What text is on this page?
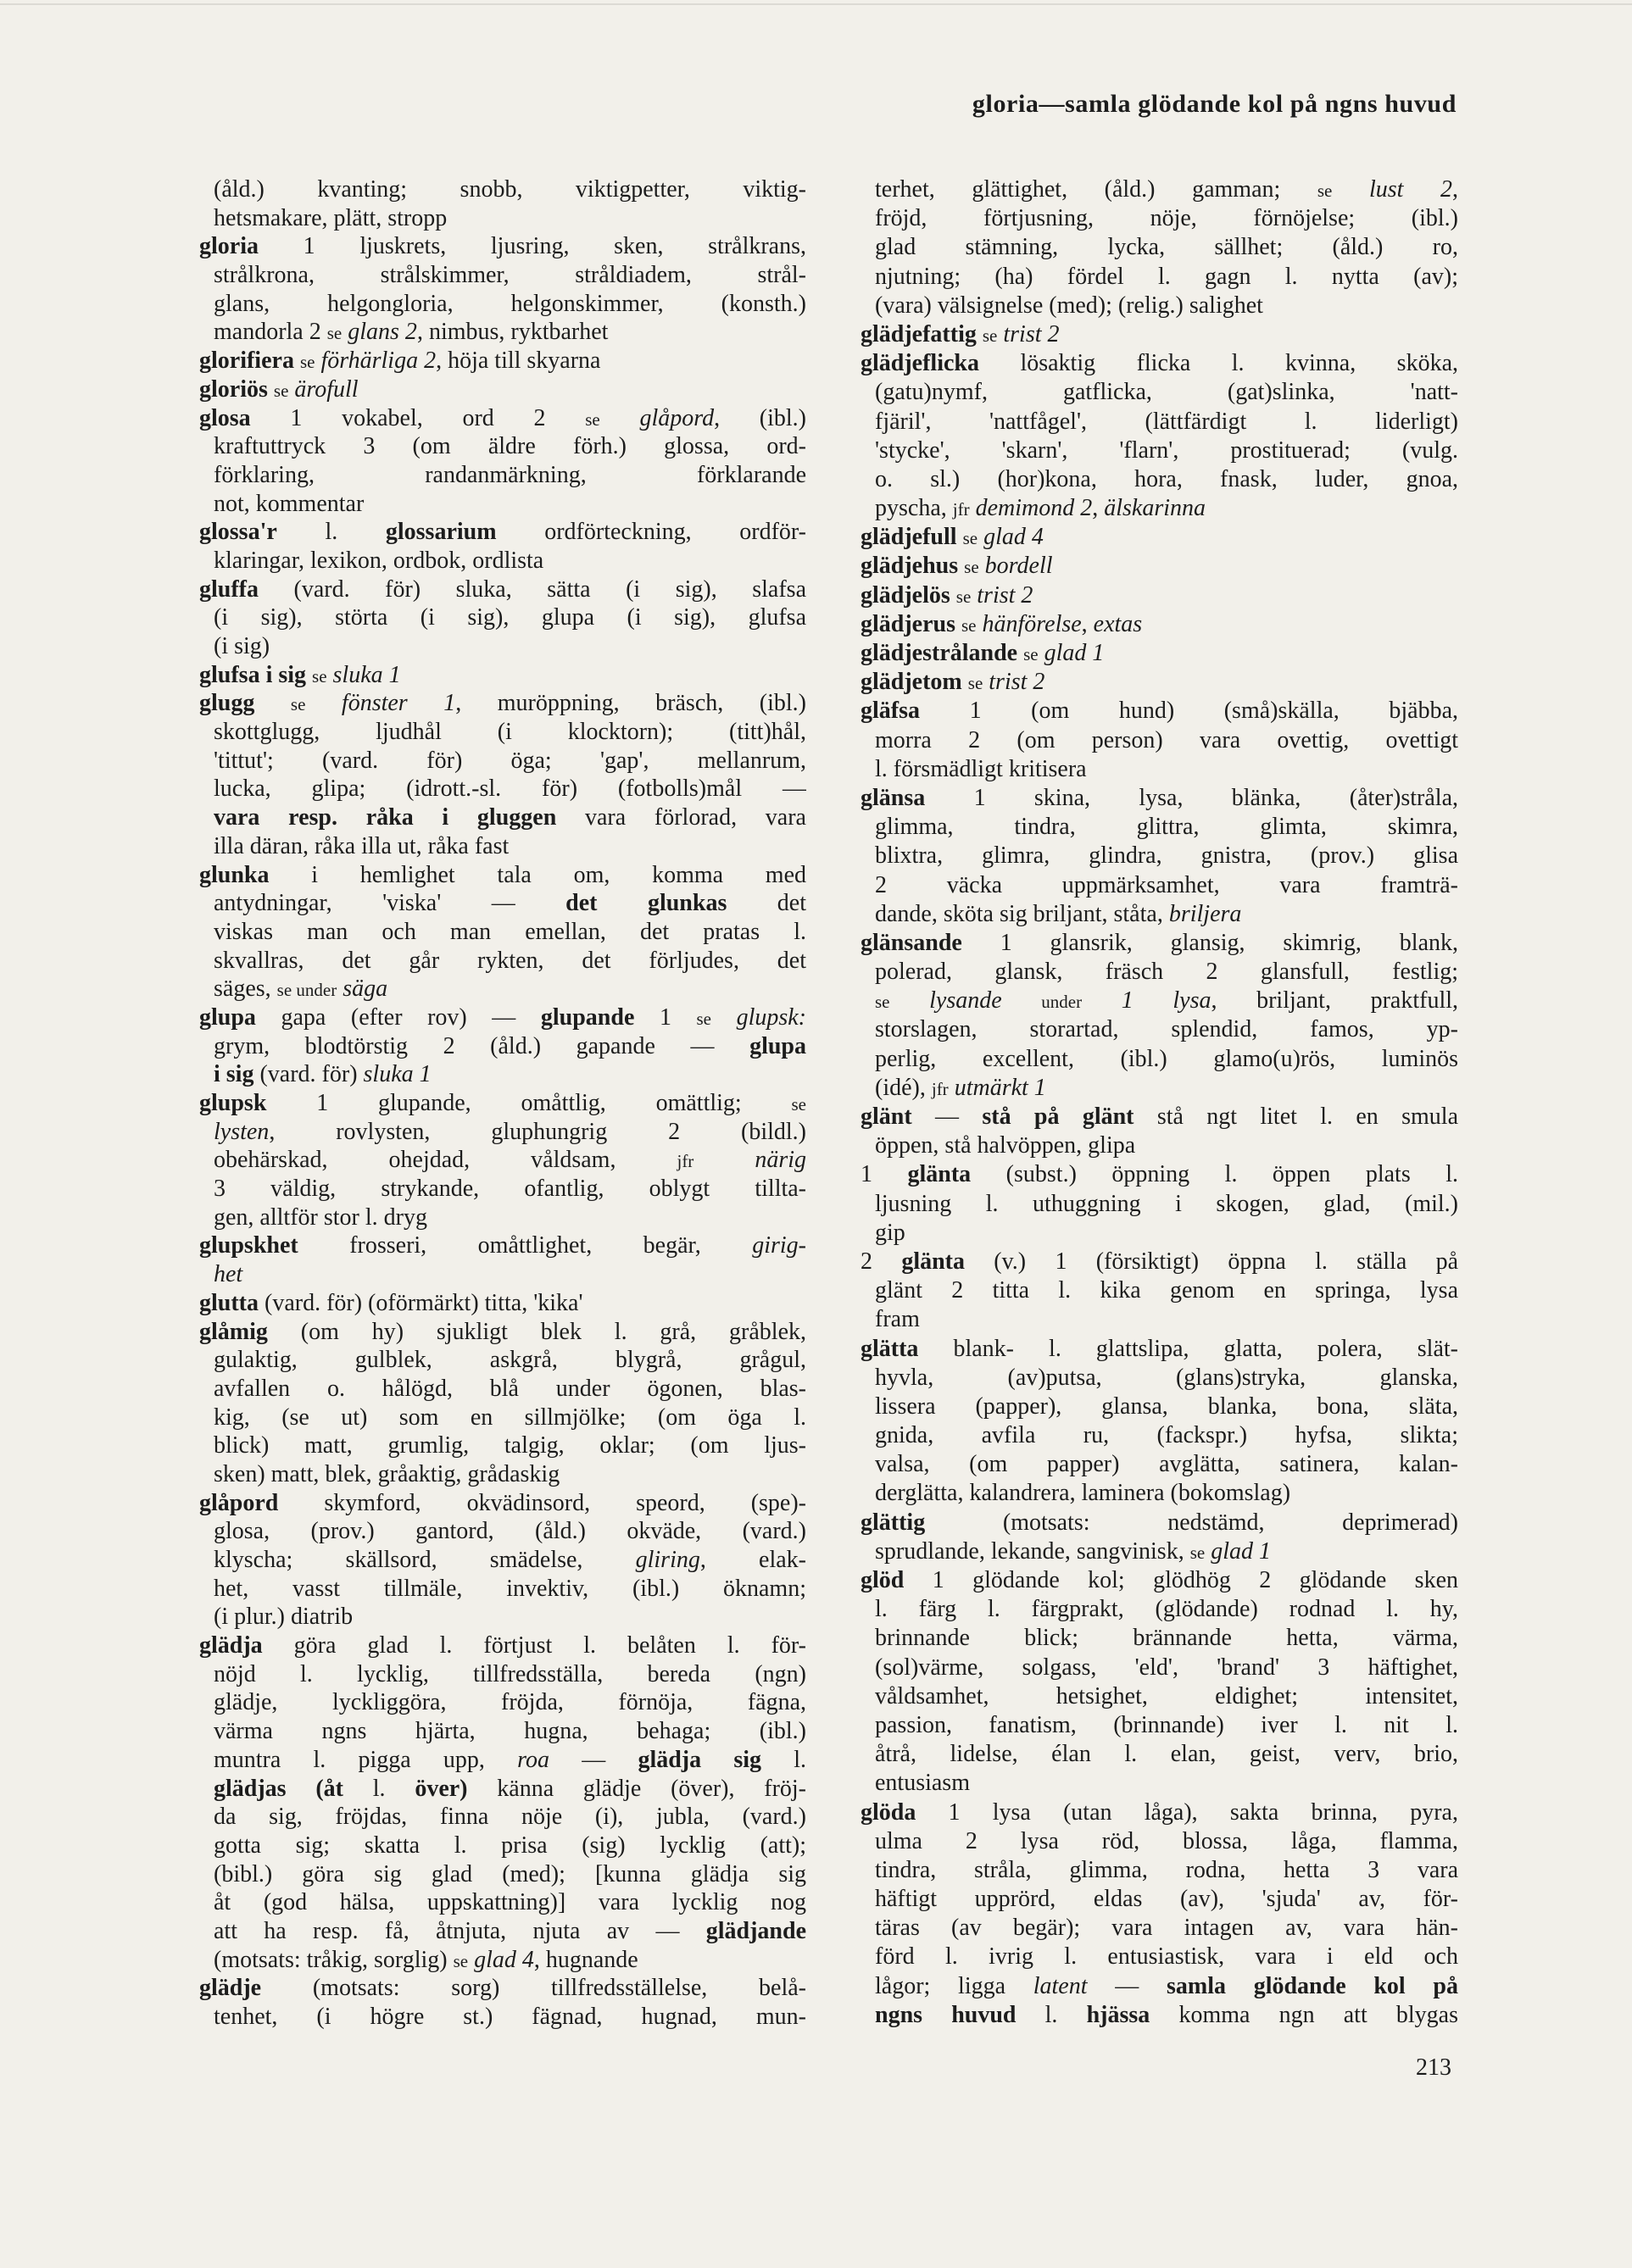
gloria—samla glödande kol på ngns huvud
(åld.) kvanting; snobb, viktigpetter, viktig-
hetsmakare, plätt, stropp
gloria 1 ljuskrets, ljusring, sken, strålkrans,
strålkrona, strålskimmer, stråldiadem, strål-
glans, helgongloria, helgonskimmer, (konsth.)
mandorla 2 se glans 2, nimbus, ryktbarhet
glorifiera se förhärliga 2, höja till skyarna
gloriös se ärofull
glosa 1 vokabel, ord 2 se glåpord, (ibl.)
kraftuttryck 3 (om äldre förh.) glossa, ord-
förklaring, randanmärkning, förklarande
not, kommentar
glossa'r l. glossarium ordförteckning, ordför-
klaringar, lexikon, ordbok, ordlista
gluffa (vard. för) sluka, sätta (i sig), slafsa
(i sig), störta (i sig), glupa (i sig), glufsa
(i sig)
glufsa i sig se sluka 1
glugg se fönster 1, muröppning, bräsch, (ibl.)
skottglugg, ljudhål (i klocktorn); (titt)hål,
'tittut'; (vard. för) öga; 'gap', mellanrum,
lucka, glipa; (idrott.-sl. för) (fotbolls)mål —
vara resp. råka i gluggen vara förlorad, vara
illa däran, råka illa ut, råka fast
glunka i hemlighet tala om, komma med
antydningar, 'viska' — det glunkas det
viskas man och man emellan, det pratas l.
skvallras, det går rykten, det förljudes, det
säges, se under säga
glupa gapa (efter rov) — glupande 1 se glupsk:
grym, blodtörstig 2 (åld.) gapande — glupa
i sig (vard. för) sluka 1
glupsk 1 glupande, omåttlig, omättlig; se
lysten, rovlysten, gluphungrig 2 (bildl.)
obehärskad, ohejdad, våldsam, jfr	närig
3 väldig, strykande, ofantlig, oblygt tillta-
gen, alltför stor l. dryg
glupskhet frosseri, omåttlighet, begär, girig-
het
glutta (vard. för) (oförmärkt) titta, 'kika'
glåmig (om hy) sjukligt blek l. grå, gråblek,
gulaktig, gulblek, askgrå, blygrå, grågul,
avfallen o. hålögd, blå under ögonen, blas-
kig, (se ut) som en sillmjölke; (om öga l.
blick) matt, grumlig, talgig, oklar; (om ljus-
sken) matt, blek, gråaktig, grådaskig
glåpord skymford, okvädinsord, speord, (spe)-
glosa, (prov.) gantord, (åld.) okväde, (vard.)
klyscha; skällsord, smädelse, gliring, elak-
het, vasst tillmäle, invektiv, (ibl.) öknamn;
(i plur.) diatrib
glädja göra glad l. förtjust l. belåten l. för-
nöjd l. lycklig, tillfredsställa, bereda (ngn)
glädje, lyckliggöra, fröjda, förnöja, fägna,
värma ngns hjärta, hugna, behaga; (ibl.)
muntra l. pigga upp, roa — glädja sig l.
glädjas (åt l. över) känna glädje (över), fröj-
da sig, fröjdas, finna nöje (i), jubla, (vard.)
gotta sig; skatta l. prisa (sig) lycklig (att);
(bibl.) göra sig glad (med); [kunna glädja sig
åt (god hälsa, uppskattning)] vara lycklig nog
att ha resp. få, åtnjuta, njuta av — glädjande
(motsats: tråkig, sorglig) se glad 4, hugnande
glädje (motsats: sorg) tillfredsställelse, belå-
tenhet, (i högre st.) fägnad, hugnad, mun-
terhet, glättighet, (åld.) gamman; se lust 2,
fröjd, förtjusning, nöje, förnöjelse; (ibl.)
glad stämning, lycka, sällhet; (åld.) ro,
njutning; (ha) fördel l. gagn l. nytta (av);
(vara) välsignelse (med); (relig.) salighet
glädjefattig se trist 2
glädjeflicka lösaktig flicka l. kvinna, sköka,
(gatu)nymf, gatflicka, (gat)slinka, 'natt-
fjäril', 'nattfågel', (lättfärdigt l. liderligt)
'stycke', 'skarn', 'flarn', prostituerad; (vulg.
o. sl.) (hor)kona, hora, fnask, luder, gnoa,
pyscha, jfr demimond 2, älskarinna
glädjefull se glad 4
glädjehus se bordell
glädjelös se trist 2
glädjerus se hänförelse, extas
glädjestrålande se glad 1
glädjetom se trist 2
gläfsa 1 (om hund) (små)skälla, bjäbba,
morra 2 (om person) vara ovettig, ovettigt
l. försmädligt kritisera
glänsa 1 skina, lysa, blänka, (åter)stråla,
glimma, tindra, glittra, glimta, skimra,
blixtra, glimra, glindra, gnistra, (prov.) glisa
2 väcka uppmärksamhet, vara framträ-
dande, sköta sig briljant, ståta, briljera
glänsande 1 glansrik, glansig, skimrig, blank,
polerad, glansk, fräsch 2 glansfull, festlig;
se lysande under 1 lysa, briljant, praktfull,
storslagen, storartad, splendid, famos, yp-
perlig, excellent, (ibl.) glamo(u)rös, luminös
(idé), jfr utmärkt 1
glänt — stå på glänt stå ngt litet l. en smula
öppen, stå halvöppen, glipa
1 glänta (subst.) öppning l. öppen plats l.
ljusning l. uthuggning i skogen, glad, (mil.)
gip
2 glänta (v.) 1 (försiktigt) öppna l. ställa på
glänt 2 titta l. kika genom en springa, lysa
fram
glätta blank- l. glattslipa, glatta, polera, slät-
hyvla, (av)putsa, (glans)stryka, glanska,
lissera (papper), glansa, blanka, bona, släta,
gnida, avfila ru, (fackspr.) hyfsa, slikta;
valsa, (om papper) avglätta, satinera, kalan-
derglätta, kalandrera, laminera (bokomslag)
glättig (motsats: nedstämd, deprimerad)
sprudlande, lekande, sangvinisk, se glad 1
glöd 1 glödande kol; glödhög 2 glödande sken
l. färg l. färgprakt, (glödande) rodnad l. hy,
brinnande blick; brännande hetta, värma,
(sol)värme, solgass, 'eld', 'brand' 3 häftighet,
våldsamhet, hetsighet, eldighet; intensitet,
passion, fanatism, (brinnande) iver l. nit l.
åtrå, lidelse, élan l. elan, geist, verv, brio,
entusiasm
glöda 1 lysa (utan låga), sakta brinna, pyra,
ulma 2 lysa röd, blossa, låga, flamma,
tindra, stråla, glimma, rodna, hetta 3 vara
häftigt upprörd, eldas (av), 'sjuda' av, för-
täras (av begär); vara intagen av, vara hän-
förd l. ivrig l. entusiastisk, vara i eld och
lågor; ligga latent — samla glödande kol på
ngns huvud l. hjässa komma ngn att blygas
213
